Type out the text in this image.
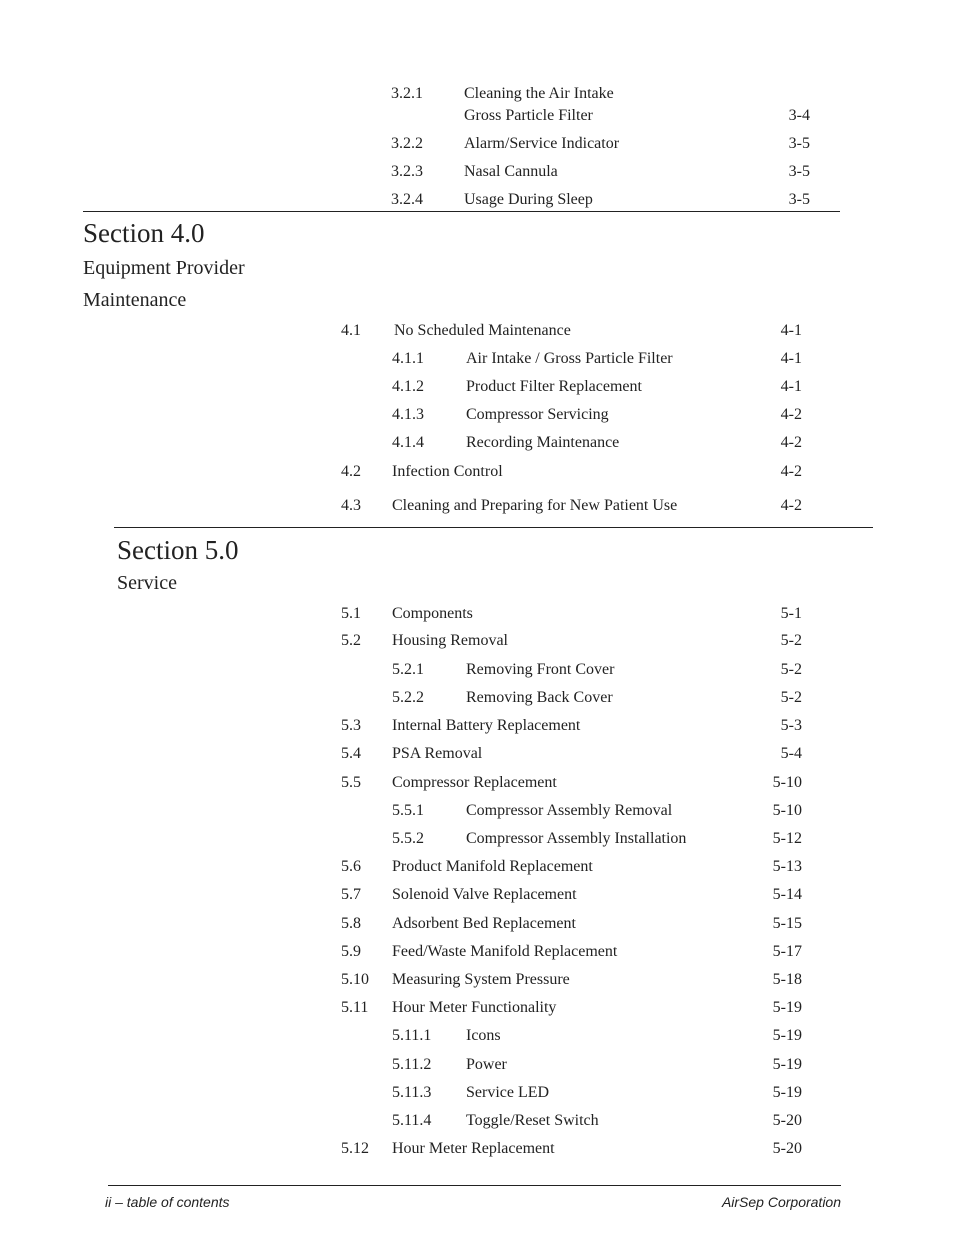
3.2.1	Cleaning the Air Intake
Gross Particle Filter	3-4
3.2.2	Alarm/Service Indicator	3-5
3.2.3	Nasal Cannula	3-5
3.2.4	Usage During Sleep	3-5
Section 4.0
Equipment Provider
Maintenance
4.1 No Scheduled Maintenance	4-1
4.1.1	Air Intake / Gross Particle Filter	4-1
4.1.2	Product Filter Replacement	4-1
4.1.3	Compressor Servicing	4-2
4.1.4	Recording Maintenance	4-2
4.2 Infection Control	4-2
4.3 Cleaning and Preparing for New Patient Use	4-2
Section 5.0
Service
5.1 Components	5-1
5.2 Housing Removal	5-2
5.2.1	Removing Front Cover	5-2
5.2.2	Removing Back Cover	5-2
5.3 Internal Battery Replacement	5-3
5.4 PSA Removal	5-4
5.5 Compressor Replacement	5-10
5.5.1	Compressor Assembly Removal	5-10
5.5.2	Compressor Assembly Installation	5-12
5.6 Product Manifold Replacement	5-13
5.7 Solenoid Valve Replacement	5-14
5.8 Adsorbent Bed Replacement	5-15
5.9 Feed/Waste Manifold Replacement	5-17
5.10 Measuring System Pressure	5-18
5.11 Hour Meter Functionality	5-19
5.11.1 Icons	5-19
5.11.2 Power	5-19
5.11.3 Service LED	5-19
5.11.4 Toggle/Reset Switch	5-20
5.12 Hour Meter Replacement	5-20
ii – table of contents	AirSep Corporation
